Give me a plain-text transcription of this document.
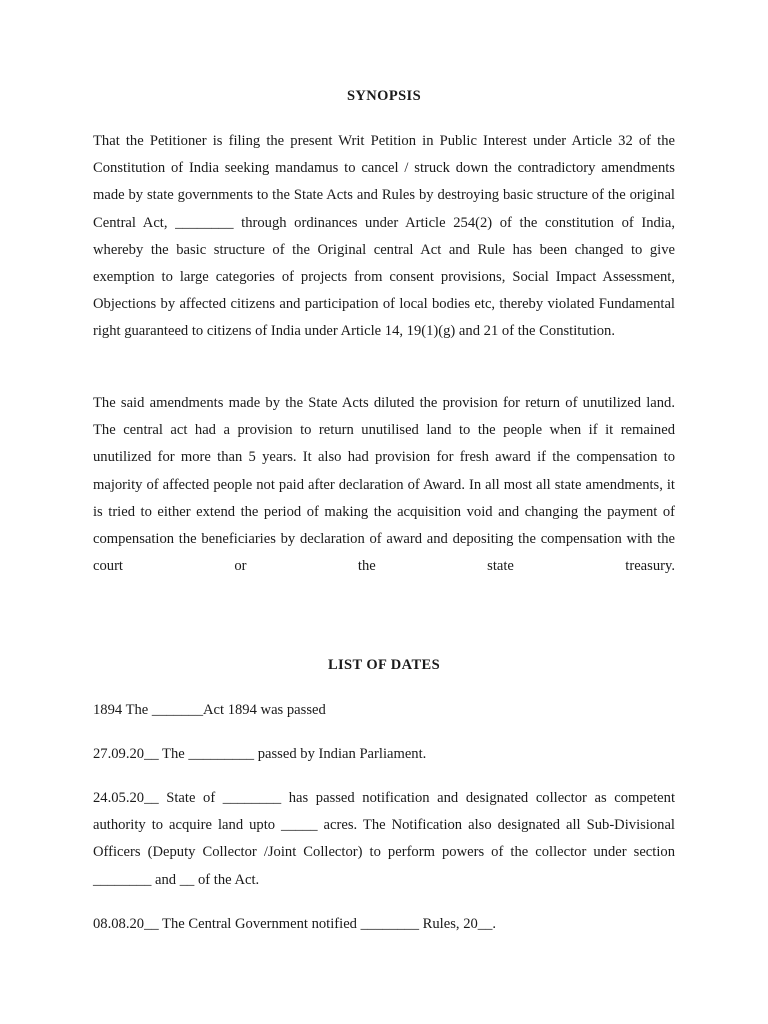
SYNOPSIS

That the Petitioner is filing the present Writ Petition in Public Interest under Article 32 of the Constitution of India seeking mandamus to cancel / struck down the contradictory amendments made by state governments to the State Acts and Rules by destroying basic structure of the original Central Act, ________ through ordinances under Article 254(2) of the constitution of India, whereby the basic structure of the Original central Act and Rule has been changed to give exemption to large categories of projects from consent provisions, Social Impact Assessment, Objections by affected citizens and participation of local bodies etc, thereby violated Fundamental right guaranteed to citizens of India under Article 14, 19(1)(g) and 21 of the Constitution.

The said amendments made by the State Acts diluted the provision for return of unutilized land. The central act had a provision to return unutilised land to the people when if it remained unutilized for more than 5 years. It also had provision for fresh award if the compensation to majority of affected people not paid after declaration of Award. In all most all state amendments, it is tried to either extend the period of making the acquisition void and changing the payment of compensation the beneficiaries by declaration of award and depositing the compensation with the court or the state treasury.

LIST OF DATES

1894 The _______Act 1894 was passed

27.09.20__ The _________ passed by Indian Parliament.

24.05.20__ State of ________ has passed notification and designated collector as competent authority to acquire land upto _____ acres. The Notification also designated all Sub-Divisional Officers (Deputy Collector /Joint Collector) to perform powers of the collector under section ________ and __ of the Act.

08.08.20__ The Central Government notified ________ Rules, 20__.
